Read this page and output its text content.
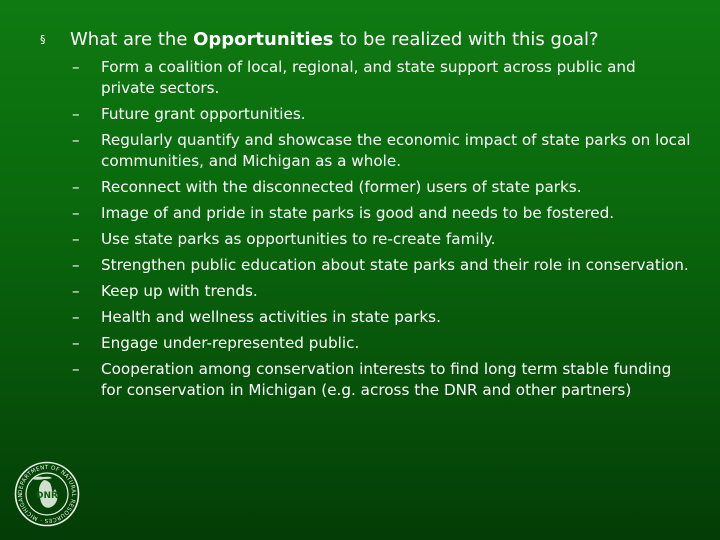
§	What are the Opportunities to be realized with this goal?
–	Form a coalition of local, regional, and state support across public and private sectors.
–	Future grant opportunities.
–	Regularly quantify and showcase the economic impact of state parks on local communities, and Michigan as a whole.
–	Reconnect with the disconnected (former) users of state parks.
–	Image of and pride in state parks is good and needs to be fostered.
–	Use state parks as opportunities to re-create family.
–	Strengthen public education about state parks and their role in conservation.
–	Keep up with trends.
–	Health and wellness activities in state parks.
–	Engage under-represented public.
–	Cooperation among conservation interests to find long term stable funding for conservation in Michigan (e.g. across the DNR and other partners)
DEPARTMENT OF NATURAL RESOURCES · MICHIGAN	DNR
